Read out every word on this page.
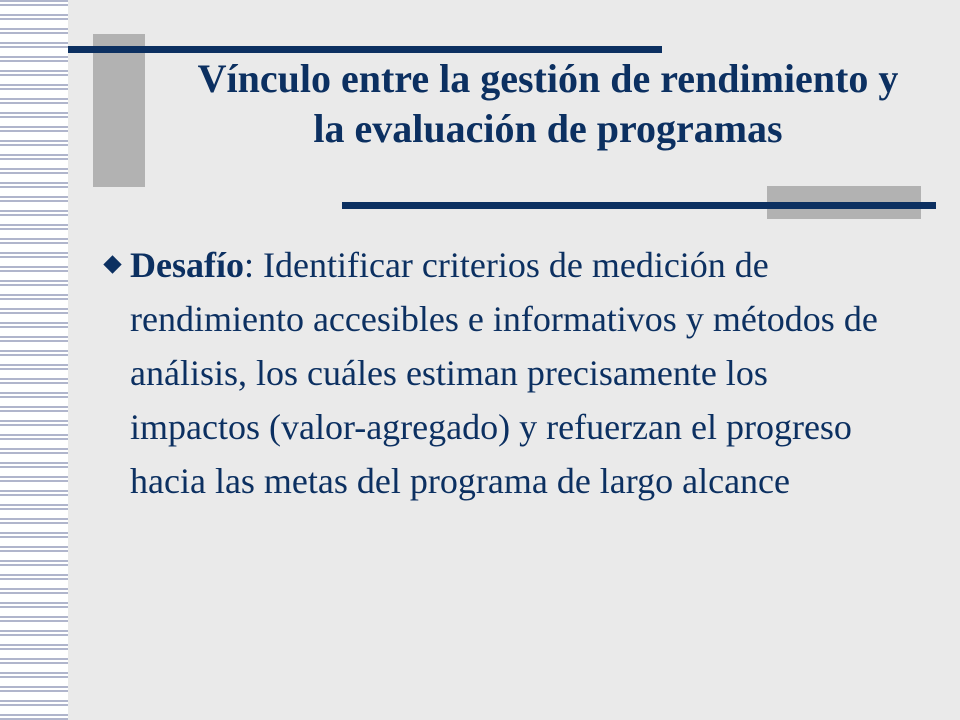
Vínculo entre la gestión de rendimiento y la evaluación de programas
Desafío: Identificar criterios de medición de rendimiento accesibles e informativos y métodos de análisis, los cuáles estiman precisamente los impactos (valor-agregado) y refuerzan el progreso hacia las metas del programa de largo alcance
